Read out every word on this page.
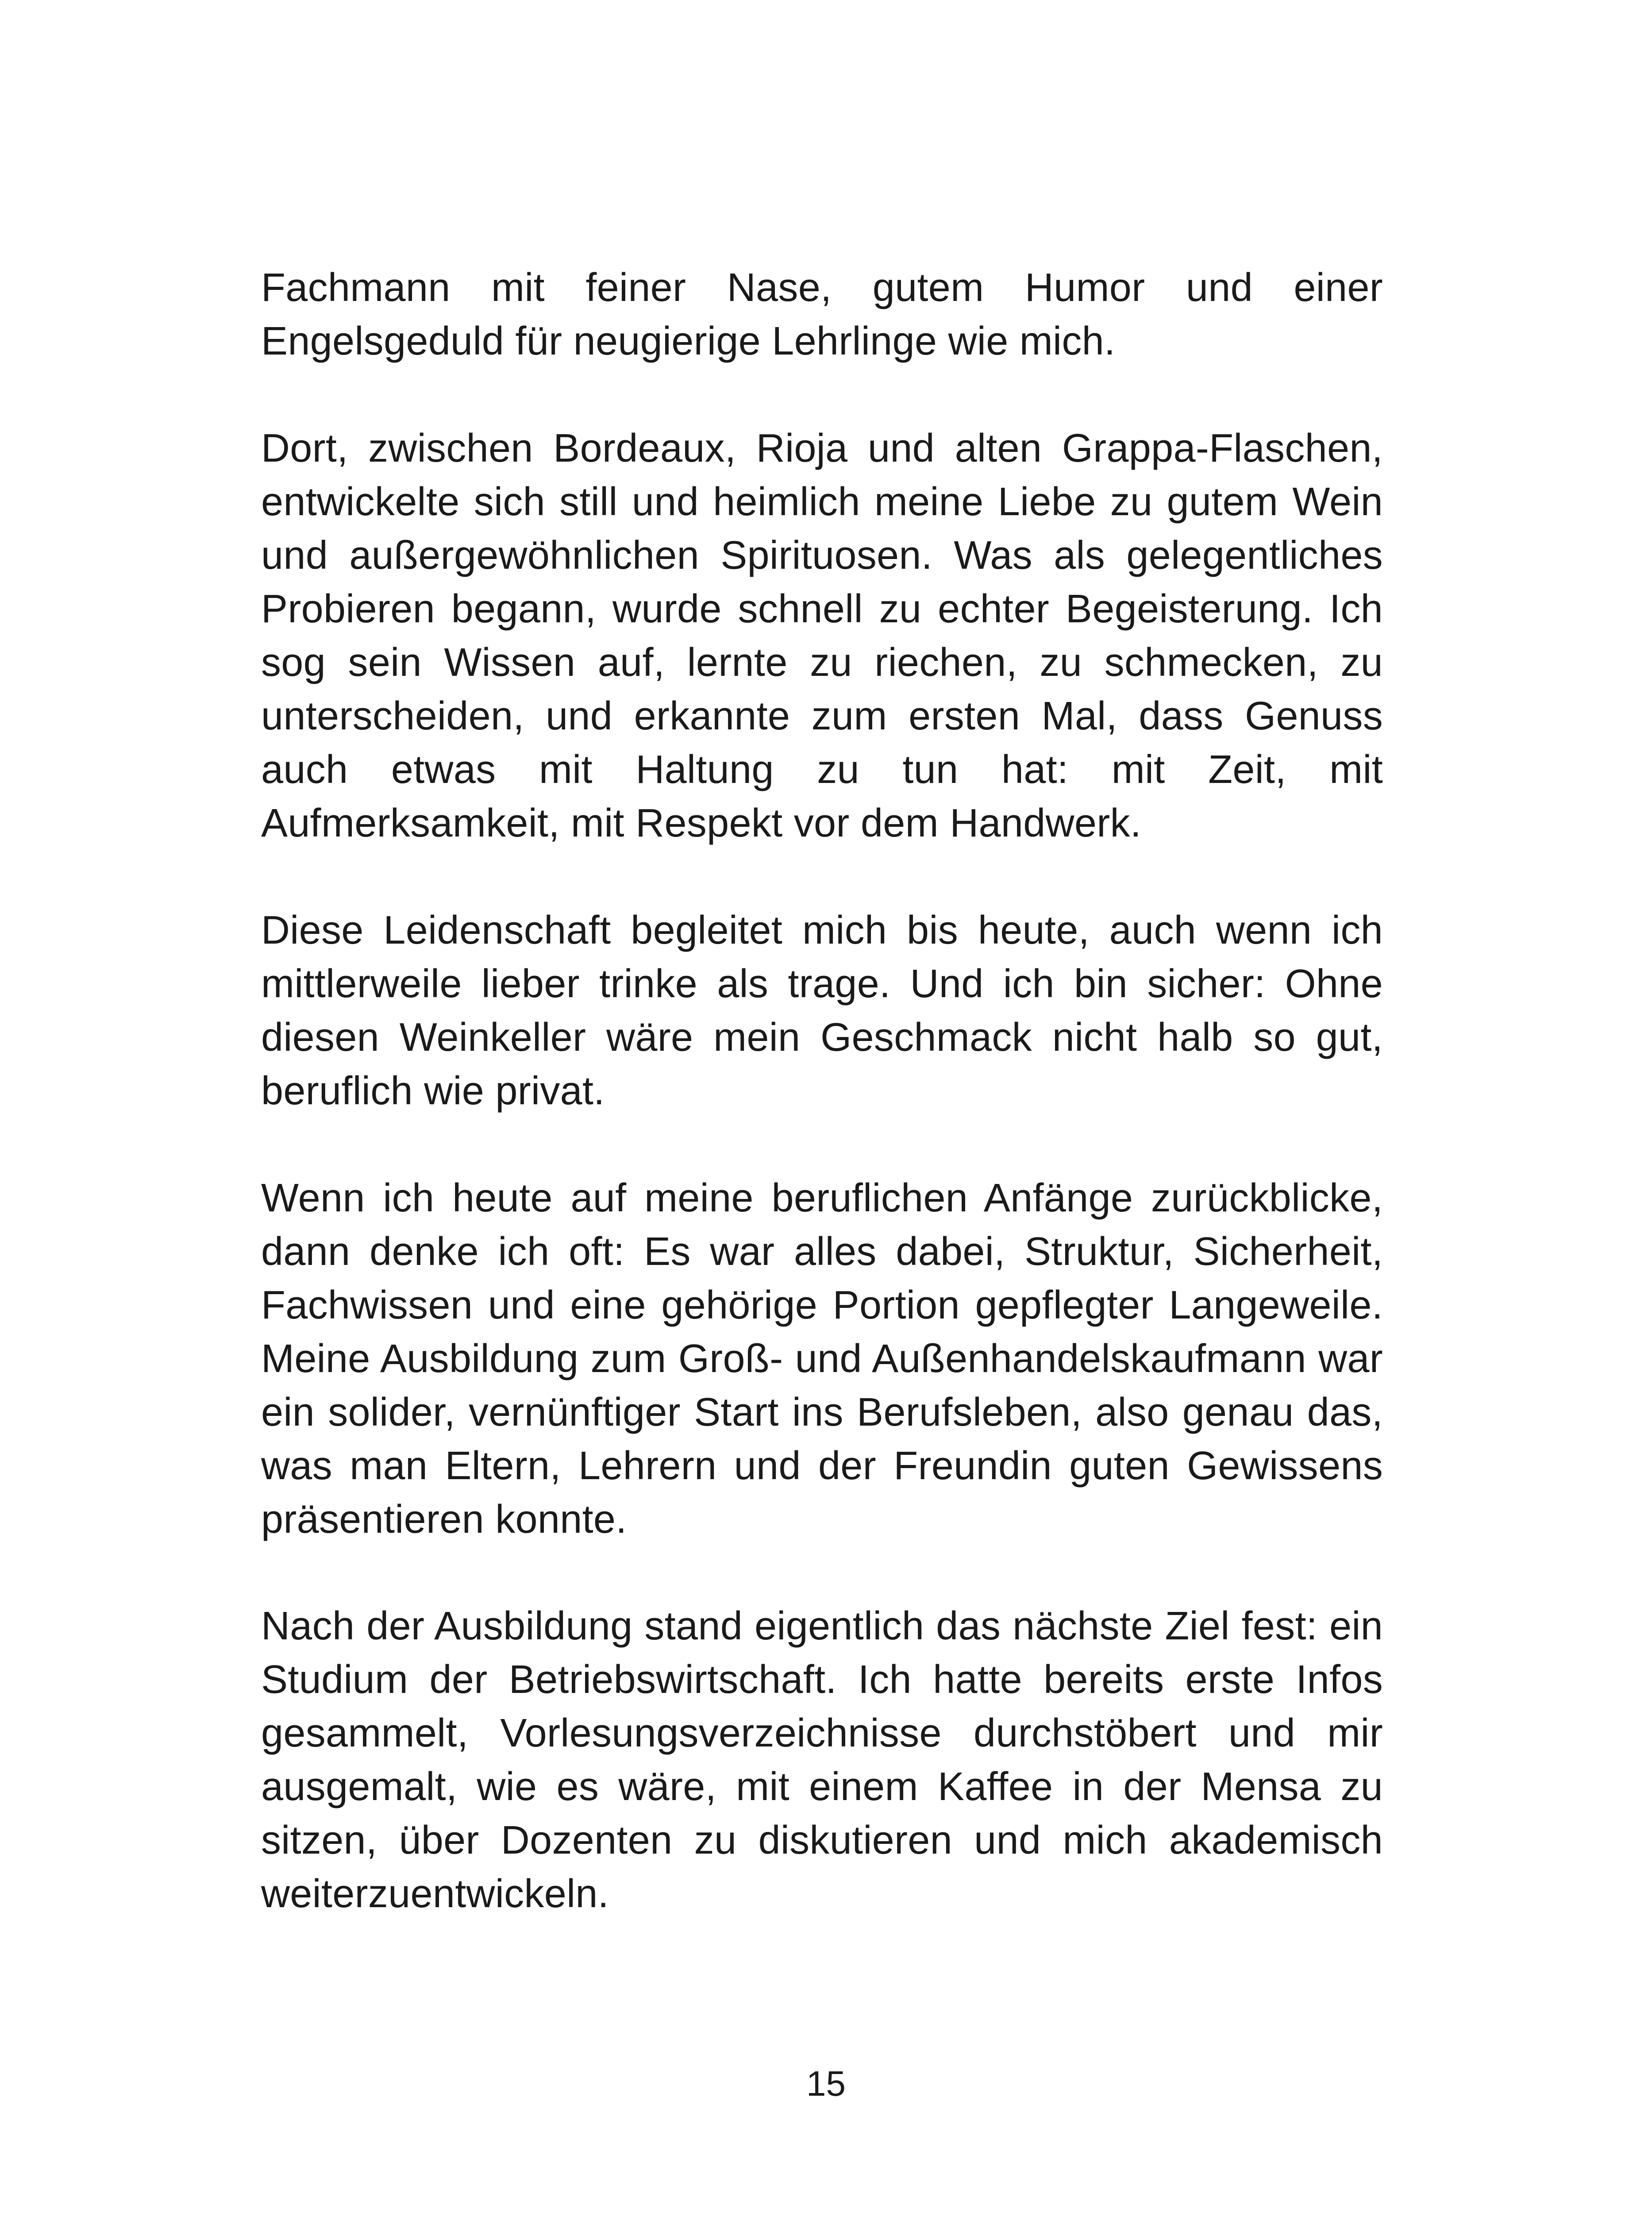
Fachmann mit feiner Nase, gutem Humor und einer Engelsgeduld für neugierige Lehrlinge wie mich.

Dort, zwischen Bordeaux, Rioja und alten Grappa-Flaschen, entwickelte sich still und heimlich meine Liebe zu gutem Wein und außergewöhnlichen Spirituosen. Was als gelegentliches Probieren begann, wurde schnell zu echter Begeisterung. Ich sog sein Wissen auf, lernte zu riechen, zu schmecken, zu unterscheiden, und erkannte zum ersten Mal, dass Genuss auch etwas mit Haltung zu tun hat: mit Zeit, mit Aufmerksamkeit, mit Respekt vor dem Handwerk.

Diese Leidenschaft begleitet mich bis heute, auch wenn ich mittlerweile lieber trinke als trage. Und ich bin sicher: Ohne diesen Weinkeller wäre mein Geschmack nicht halb so gut, beruflich wie privat.

Wenn ich heute auf meine beruflichen Anfänge zurückblicke, dann denke ich oft: Es war alles dabei, Struktur, Sicherheit, Fachwissen und eine gehörige Portion gepflegter Langeweile. Meine Ausbildung zum Groß- und Außenhandelskaufmann war ein solider, vernünftiger Start ins Berufsleben, also genau das, was man Eltern, Lehrern und der Freundin guten Gewissens präsentieren konnte.

Nach der Ausbildung stand eigentlich das nächste Ziel fest: ein Studium der Betriebswirtschaft. Ich hatte bereits erste Infos gesammelt, Vorlesungsverzeichnisse durchstöbert und mir ausgemalt, wie es wäre, mit einem Kaffee in der Mensa zu sitzen, über Dozenten zu diskutieren und mich akademisch weiterzuentwickeln.

15
